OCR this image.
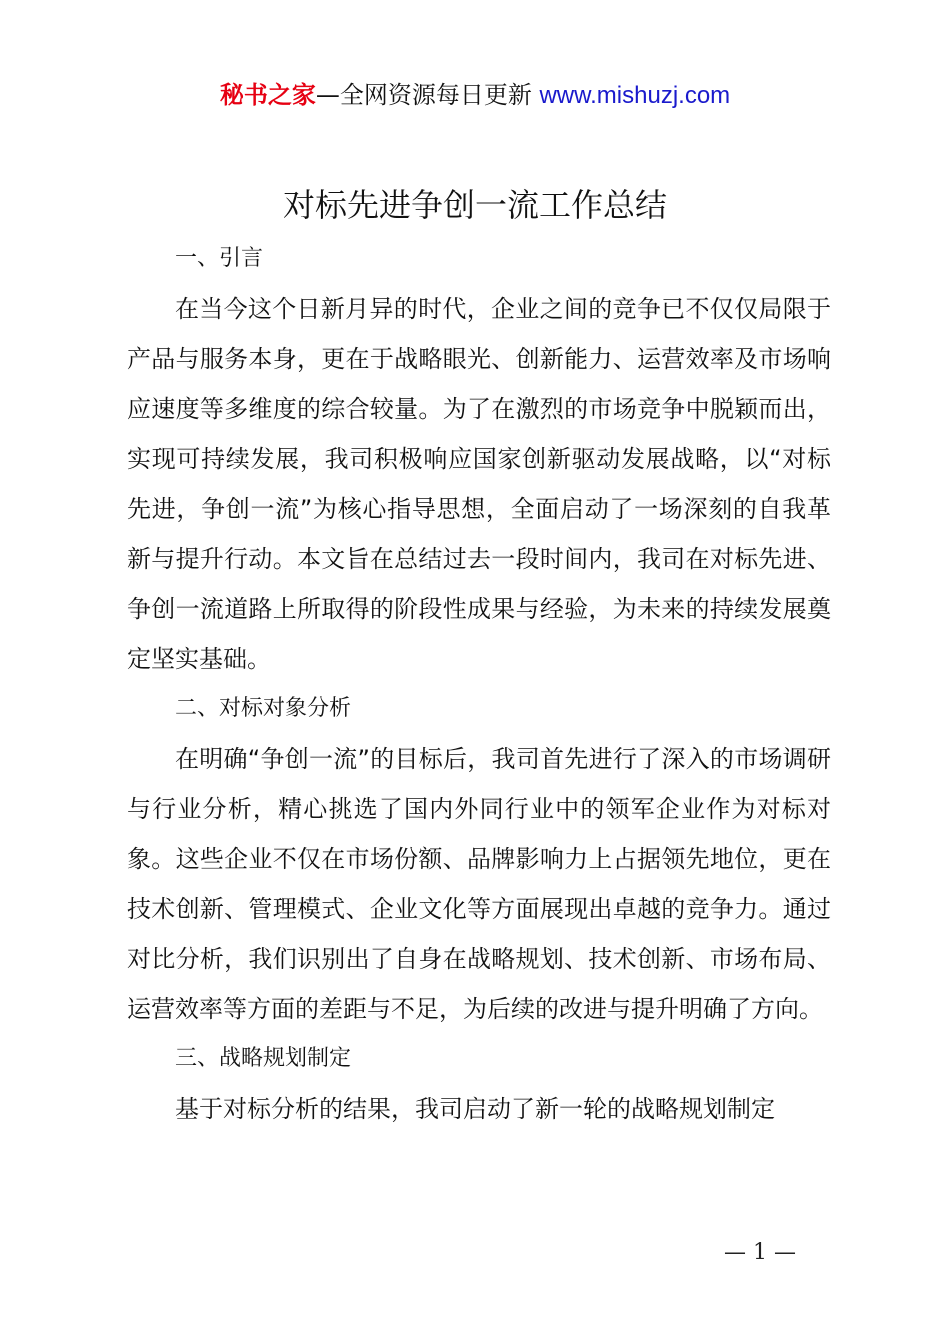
秘书之家—全网资源每日更新 www.mishuzj.com
对标先进争创一流工作总结

一、引言

在当今这个日新月异的时代，企业之间的竞争已不仅仅局限于产品与服务本身，更在于战略眼光、创新能力、运营效率及市场响应速度等多维度的综合较量。为了在激烈的市场竞争中脱颖而出，实现可持续发展，我司积极响应国家创新驱动发展战略，以“对标先进，争创一流”为核心指导思想，全面启动了一场深刻的自我革新与提升行动。本文旨在总结过去一段时间内，我司在对标先进、争创一流道路上所取得的阶段性成果与经验，为未来的持续发展奠定坚实基础。

二、对标对象分析

在明确“争创一流”的目标后，我司首先进行了深入的市场调研与行业分析，精心挑选了国内外同行业中的领军企业作为对标对象。这些企业不仅在市场份额、品牌影响力上占据领先地位，更在技术创新、管理模式、企业文化等方面展现出卓越的竞争力。通过对比分析，我们识别出了自身在战略规划、技术创新、市场布局、运营效率等方面的差距与不足，为后续的改进与提升明确了方向。

三、战略规划制定

基于对标分析的结果，我司启动了新一轮的战略规划制定

— 1 —
